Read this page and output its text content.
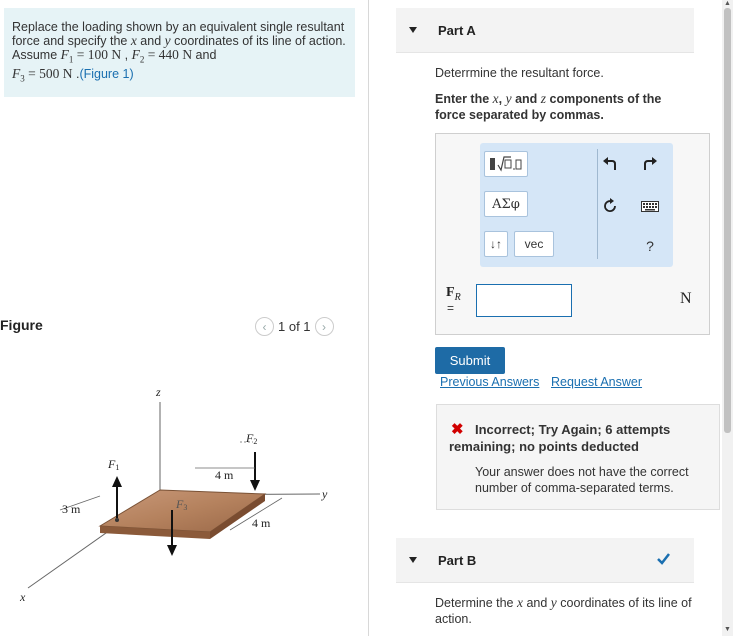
Replace the loading shown by an equivalent single resultant force and specify the x and y coordinates of its line of action. Assume $F_1 = 100$ N , $F_2 = 440$ N and
$F_3 = 500$ N .(Figure 1)
Figure	‹ 1 of 1 ›
z
x
y
F1
F2
F3
3 m
4 m
4 m
Part A
Deterrmine the resultant force.
Enter the x, y and z components of the force separated by commas.
ΑΣφ
↓↑	vec	?
$F_R$
=
N
Submit
Previous Answers Request Answer
Incorrect; Try Again; 6 attempts remaining; no points deducted
✖
Your answer does not have the correct number of comma-separated terms.
Part B
Determine the x and y coordinates of its line of action.
▲
▼
